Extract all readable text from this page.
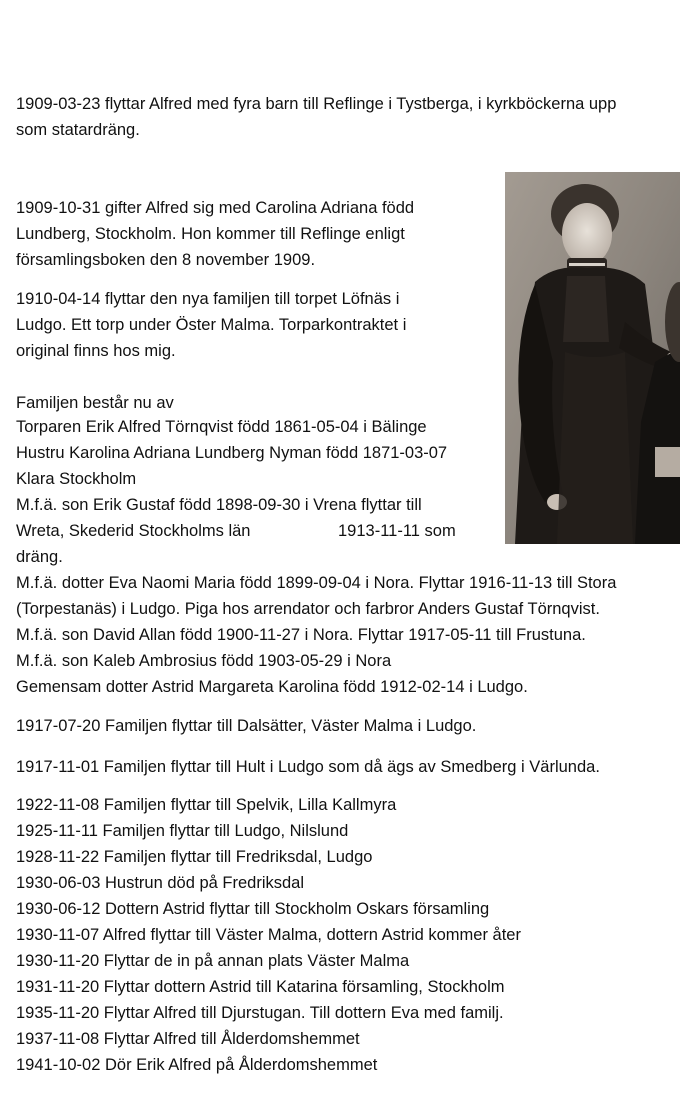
1909-03-23 flyttar Alfred med fyra barn till Reflinge i Tystberga, i kyrkböckerna upp
som statardräng.
1909-10-31 gifter Alfred sig med Carolina Adriana född
Lundberg, Stockholm. Hon kommer till Reflinge enligt
församlingsboken den 8 november 1909.
1910-04-14 flyttar den nya familjen till torpet Löfnäs i
Ludgo. Ett torp under Öster Malma. Torparkontraktet i
original finns hos mig.
Familjen består nu av
Torparen Erik Alfred Törnqvist född 1861-05-04 i Bälinge
Hustru Karolina Adriana Lundberg Nyman född 1871-03-07
Klara Stockholm
M.f.ä. son Erik Gustaf född 1898-09-30 i Vrena flyttar till
Wreta, Skederid Stockholms län	1913-11-11 som
dräng.
M.f.ä. dotter Eva Naomi Maria född 1899-09-04 i Nora. Flyttar 1916-11-13 till Stora
(Torpestanäs) i Ludgo. Piga hos arrendator och farbror Anders Gustaf Törnqvist.
M.f.ä. son David Allan född 1900-11-27 i Nora. Flyttar 1917-05-11 till Frustuna.
M.f.ä. son Kaleb Ambrosius född 1903-05-29 i Nora
Gemensam dotter Astrid Margareta Karolina född 1912-02-14 i Ludgo.
1917-07-20 Familjen flyttar till Dalsätter, Väster Malma i Ludgo.
1917-11-01 Familjen flyttar till Hult i Ludgo som då ägs av Smedberg i Värlunda.
1922-11-08 Familjen flyttar till Spelvik, Lilla Kallmyra
1925-11-11 Familjen flyttar till Ludgo, Nilslund
1928-11-22 Familjen flyttar till Fredriksdal, Ludgo
1930-06-03 Hustrun död på Fredriksdal
1930-06-12 Dottern Astrid flyttar till Stockholm Oskars församling
1930-11-07 Alfred flyttar till Väster Malma, dottern Astrid kommer åter
1930-11-20 Flyttar de in på annan plats Väster Malma
1931-11-20 Flyttar dottern Astrid till Katarina församling, Stockholm
1935-11-20 Flyttar Alfred till Djurstugan. Till dottern Eva med familj.
1937-11-08 Flyttar Alfred till Ålderdomshemmet
1941-10-02 Dör Erik Alfred på Ålderdomshemmet
